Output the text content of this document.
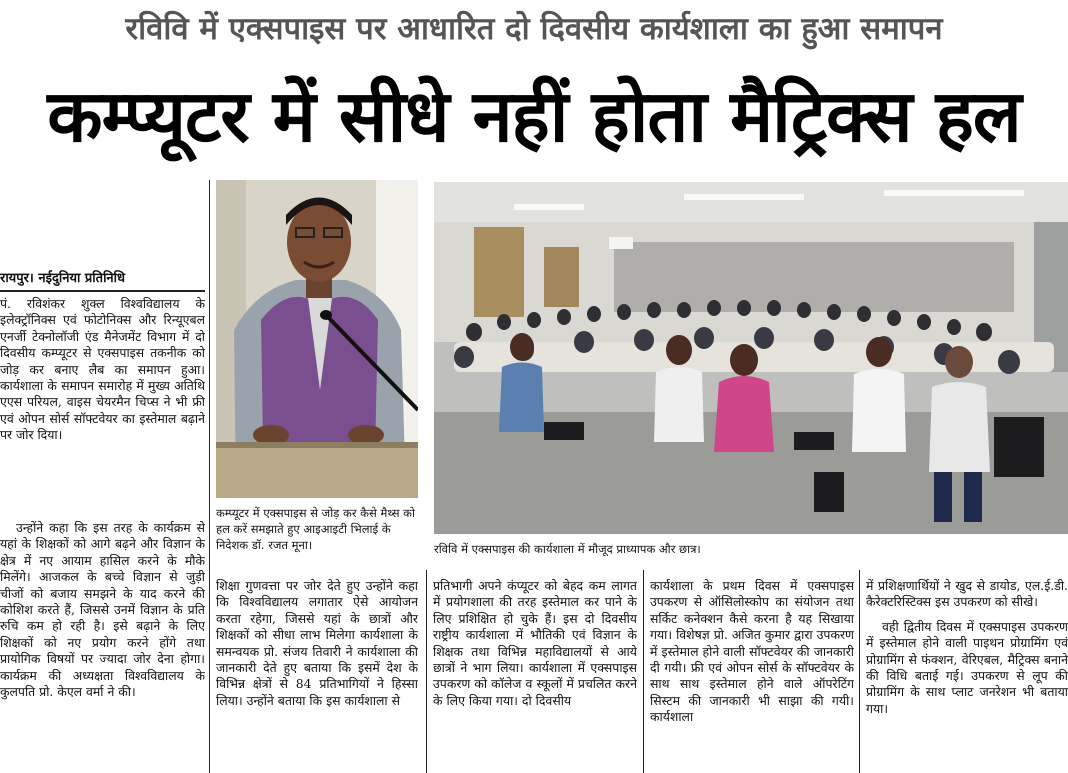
रविवि में एक्सपाइस पर आधारित दो दिवसीय कार्यशाला का हुआ समापन
कम्प्यूटर में सीधे नहीं होता मैट्रिक्स हल
रायपुर। नईदुनिया प्रतिनिधि

पं. रविशंकर शुक्ल विश्वविद्यालय के इलेक्ट्रॉनिक्स एवं फोटोनिक्स और रिन्यूएबल एनर्जी टेक्नोलॉजी एंड मैनेजमेंट विभाग में दो दिवसीय कम्प्यूटर से एक्सपाइस तकनीक को जोड़ कर बनाए लैब का समापन हुआ। कार्यशाला के समापन समारोह में मुख्य अतिथि एएस परियल, वाइस चेयरमैन चिप्स ने भी फ्री एवं ओपन सोर्स सॉफ्टवेयर का इस्तेमाल बढ़ाने पर जोर दिया।

उन्होंने कहा कि इस तरह के कार्यक्रम से यहां के शिक्षकों को आगे बढ़ने और विज्ञान के क्षेत्र में नए आयाम हासिल करने के मौके मिलेंगे। आजकल के बच्चे विज्ञान से जुड़ी चीजों को बजाय समझने के याद करने की कोशिश करते हैं, जिससे उनमें विज्ञान के प्रति रुचि कम हो रही है। इसे बढ़ाने के लिए शिक्षकों को नए प्रयोग करने होंगे तथा प्रायोगिक विषयों पर ज्यादा जोर देना होगा। कार्यक्रम की अध्यक्षता विश्वविद्यालय के कुलपति प्रो. केएल वर्मा ने की।

कम्प्यूटर में एक्सपाइस से जोड़ कर कैसे मैथ्स को हल करें समझाते हुए आइआइटी भिलाई के निदेशक डॉ. रजत मूना।	रविवि में एक्सपाइस की कार्यशाला में मौजूद प्राध्यापक और छात्र।

शिक्षा गुणवत्ता पर जोर देते हुए उन्होंने कहा कि विश्वविद्यालय लगातार ऐसे आयोजन करता रहेगा, जिससे यहां के छात्रों और शिक्षकों को सीधा लाभ मिलेगा कार्यशाला के समन्वयक प्रो. संजय तिवारी ने कार्यशाला की जानकारी देते हुए बताया कि इसमें देश के विभिन्न क्षेत्रों से 84 प्रतिभागियों ने हिस्सा लिया। उन्होंने बताया कि इस कार्यशाला से

प्रतिभागी अपने कंप्यूटर को बेहद कम लागत में प्रयोगशाला की तरह इस्तेमाल कर पाने के लिए प्रशिक्षित हो चुके हैं। इस दो दिवसीय राष्ट्रीय कार्यशाला में भौतिकी एवं विज्ञान के शिक्षक तथा विभिन्न महाविद्यालयों से आये छात्रों ने भाग लिया। कार्यशाला में एक्सपाइस उपकरण को कॉलेज व स्कूलों में प्रचलित करने के लिए किया गया। दो दिवसीय

कार्यशाला के प्रथम दिवस में एक्सपाइस उपकरण से ऑसिलोस्कोप का संयोजन तथा सर्किट कनेक्शन कैसे करना है यह सिखाया गया। विशेषज्ञ प्रो. अजित कुमार द्वारा उपकरण में इस्तेमाल होने वाली सॉफ्टवेयर की जानकारी दी गयी। फ्री एवं ओपन सोर्स के सॉफ्टवेयर के साथ साथ इस्तेमाल होने वाले ऑपरेटिंग सिस्टम की जानकारी भी साझा की गयी। कार्यशाला

में प्रशिक्षणार्थियों ने खुद से डायोड, एल.ई.डी. कैरेक्टरिस्टिक्स इस उपकरण को सीखे।

वही द्वितीय दिवस में एक्सपाइस उपकरण में इस्तेमाल होने वाली पाइथन प्रोग्रामिंग एवं प्रोग्रामिंग से फंक्शन, वेरिएबल, मैट्रिक्स बनाने की विधि बताई गई। उपकरण से लूप की प्रोग्रामिंग के साथ प्लाट जनरेशन भी बताया गया।
